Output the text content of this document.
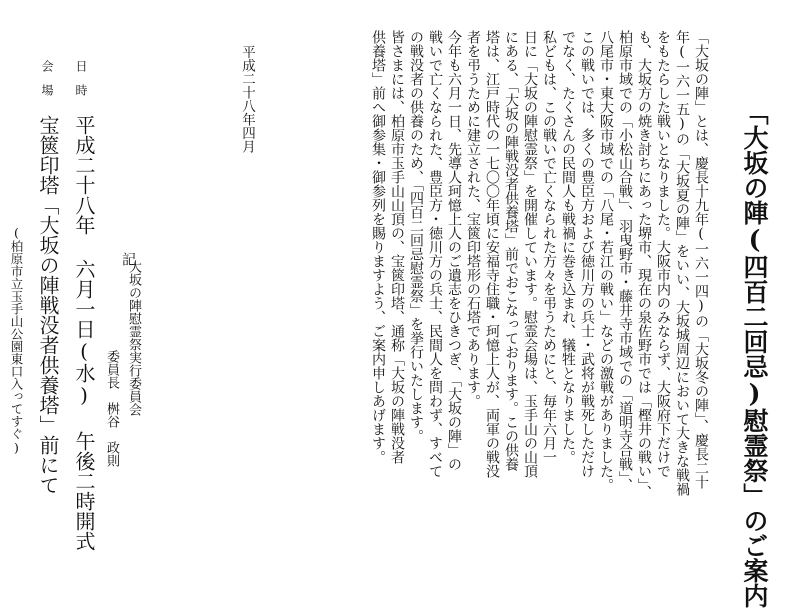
「大坂の陣(四百二回忌)慰霊祭」のご案内
「大坂の陣」とは、慶長十九年(一六一四)の「大坂冬の陣」、慶長二十
年(一六一五)の「大坂夏の陣」をいい、大坂城周辺において大きな戦禍
をもたらした戦いとなりました。大阪市内のみならず、大阪府下だけで
も、大坂方の焼き討ちにあった堺市、現在の泉佐野市では「樫井の戦い」、
柏原市域での「小松山合戦」、羽曳野市・藤井寺市域での「道明寺合戦」、
八尾市・東大阪市域での「八尾・若江の戦い」などの激戦がありました。
この戦いでは、多くの豊臣方および徳川方の兵士・武将が戦死しただけ
でなく、たくさんの民間人も戦禍に巻き込まれ、犠牲となりました。
私どもは、この戦いで亡くなられた方々を弔うためにと、毎年六月一
日に「大坂の陣慰霊祭」を開催しています。慰霊会場は、玉手山の山頂
にある、「大坂の陣戦没者供養塔」前でおこなっております。この供養
塔は、江戸時代の一七〇〇年頃に安福寺住職・珂憶上人が、両軍の戦没
者を弔うために建立された、宝篋印塔形の石塔であります。
今年も六月一日、先導人珂憶上人のご遺志をひきつぎ、「大坂の陣」の
戦いで亡くなられた、豊臣方・徳川方の兵士、民間人を問わず、すべて
の戦没者の供養のため、「四百二回忌慰霊祭」を挙行いたします。
皆さまには、柏原市玉手山山頂の、宝篋印塔、通称「大坂の陣戦没者
供養塔」前へ御参集・御参列を賜りますよう、ご案内申しあげます。
平成二十八年四月
大坂の陣慰霊祭実行委員会
委員長　桝谷　政則
記
日　時
平成二十八年 六月一日(水) 午後二時開式
会　場
宝篋印塔「大坂の陣戦没者供養塔」前にて
(柏原市立玉手山公園東口入ってすぐ)
